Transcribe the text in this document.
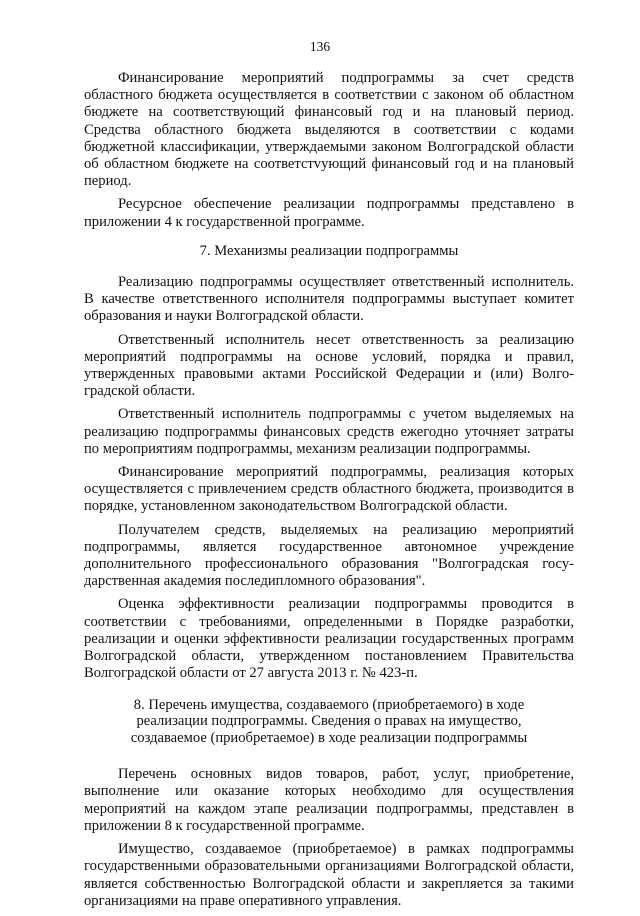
136

Финансирование мероприятий подпрограммы за счет средств областного бюджета осуществляется в соответствии с законом об областном бюджете на соответствующий финансовый год и на плановый период. Средства областного бюджета выделяются в соответствии с кодами бюджетной классификации, утверждаемыми законом Волгоградской области об областном бюджете на соответстvующий финансовый год и на плановый период.

Ресурсное обеспечение реализации подпрограммы представлено в приложении 4 к государственной программе.

7. Механизмы реализации подпрограммы

Реализацию подпрограммы осуществляет ответственный исполнитель. В качестве ответственного исполнителя подпрограммы выступает комитет образования и науки Волгоградской области.

Ответственный исполнитель несет ответственность за реализацию мероприятий подпрограммы на основе условий, порядка и правил, утвержденных правовыми актами Российской Федерации и (или) Волгоградской области.

Ответственный исполнитель подпрограммы с учетом выделяемых на реализацию подпрограммы финансовых средств ежегодно уточняет затраты по мероприятиям подпрограммы, механизм реализации подпрограммы.

Финансирование мероприятий подпрограммы, реализация которых осуществляется с привлечением средств областного бюджета, производится в порядке, установленном законодательством Волгоградской области.

Получателем средств, выделяемых на реализацию мероприятий подпрограммы, является государственное автономное учреждение дополнительного профессионального образования "Волгоградская государственная академия последипломного образования".

Оценка эффективности реализации подпрограммы проводится в соответствии с требованиями, определенными в Порядке разработки, реализации и оценки эффективности реализации государственных программ Волгоградской области, утвержденном постановлением Правительства Волгоградской области от 27 августа 2013 г. № 423-п.

8. Перечень имущества, создаваемого (приобретаемого) в ходе
реализации подпрограммы. Сведения о правах на имущество,
создаваемое (приобретаемое) в ходе реализации подпрограммы

Перечень основных видов товаров, работ, услуг, приобретение, выполнение или оказание которых необходимо для осуществления мероприятий на каждом этапе реализации подпрограммы, представлен в приложении 8 к государственной программе.

Имущество, создаваемое (приобретаемое) в рамках подпрограммы государственными образовательными организациями Волгоградской области, является собственностью Волгоградской области и закрепляется за такими организациями на праве оперативного управления.
